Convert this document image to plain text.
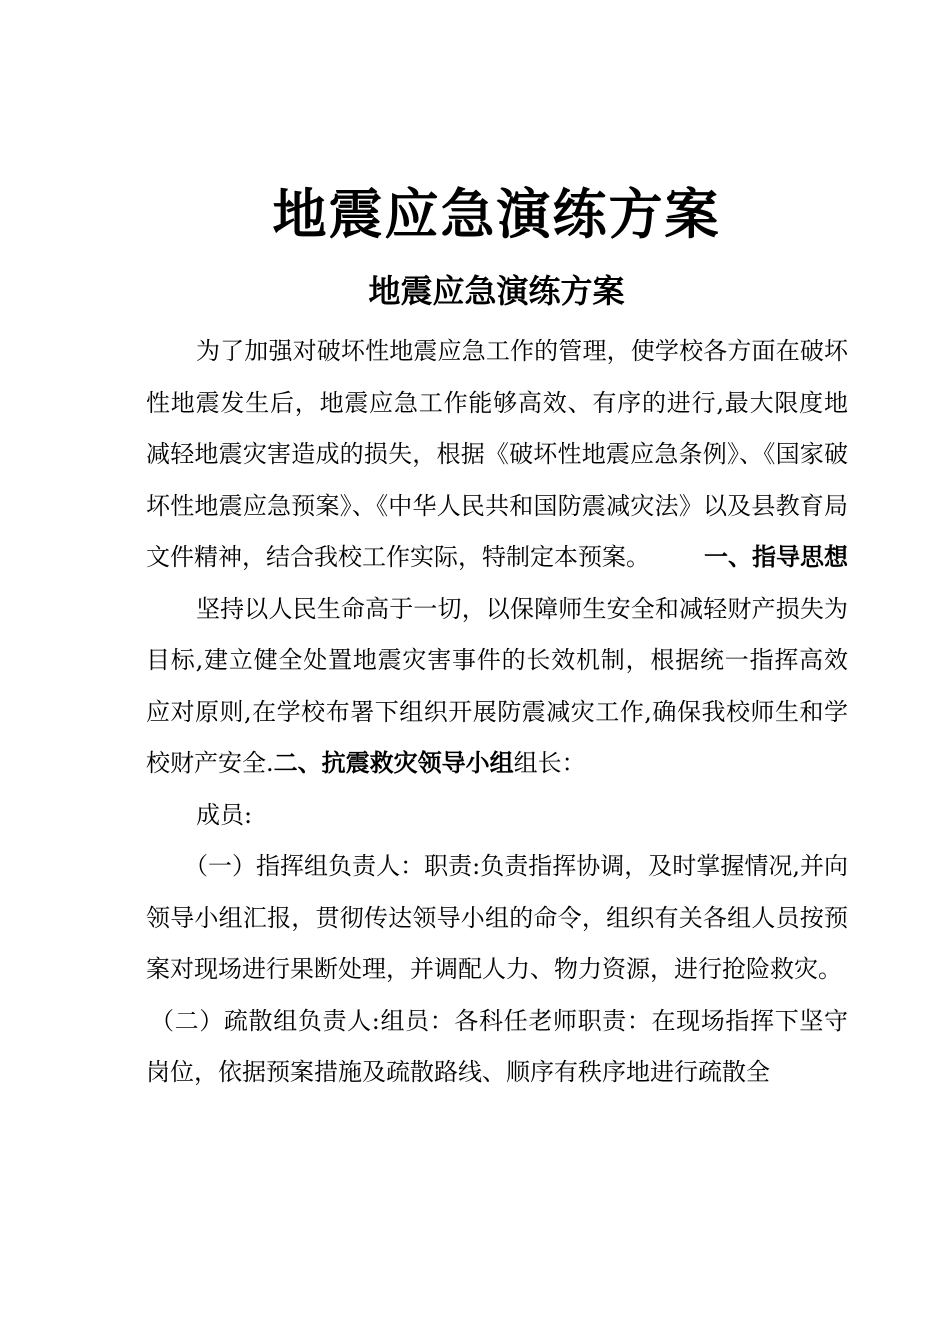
地震应急演练方案
地震应急演练方案

为了加强对破坏性地震应急工作的管理，使学校各方面在破坏性地震发生后，地震应急工作能够高效、有序的进行,最大限度地减轻地震灾害造成的损失，根据《破坏性地震应急条例》、《国家破坏性地震应急预案》、《中华人民共和国防震减灾法》以及县教育局文件精神，结合我校工作实际，特制定本预案。 一、指导思想

坚持以人民生命高于一切，以保障师生安全和减轻财产损失为目标,建立健全处置地震灾害事件的长效机制，根据统一指挥高效应对原则,在学校布署下组织开展防震减灾工作,确保我校师生和学校财产安全.二、抗震救灾领导小组组长：

成员:

（一）指挥组负责人：职责:负责指挥协调，及时掌握情况,并向领导小组汇报，贯彻传达领导小组的命令，组织有关各组人员按预案对现场进行果断处理，并调配人力、物力资源，进行抢险救灾。

（二）疏散组负责人:组员：各科任老师职责：在现场指挥下坚守岗位，依据预案措施及疏散路线、顺序有秩序地进行疏散全
